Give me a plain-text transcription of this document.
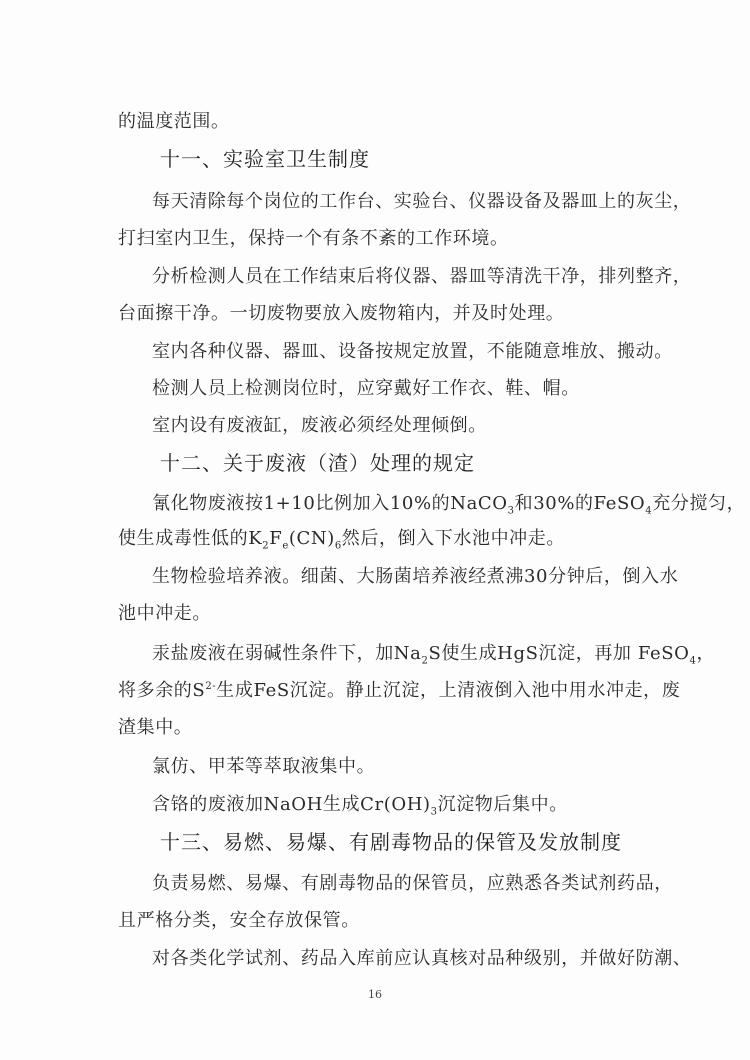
的温度范围。
十一、实验室卫生制度
每天清除每个岗位的工作台、实验台、仪器设备及器皿上的灰尘，
打扫室内卫生，保持一个有条不紊的工作环境。
分析检测人员在工作结束后将仪器、器皿等清洗干净，排列整齐，
台面擦干净。一切废物要放入废物箱内，并及时处理。
室内各种仪器、器皿、设备按规定放置，不能随意堆放、搬动。
检测人员上检测岗位时，应穿戴好工作衣、鞋、帽。
室内设有废液缸，废液必须经处理倾倒。
十二、关于废液（渣）处理的规定
氰化物废液按1+10比例加入10%的NaCO$_3$和30%的FeSO$_4$充分搅匀，
使生成毒性低的$K_2F_e(CN)_6$然后，倒入下水池中冲走。
生物检验培养液。细菌、大肠菌培养液经煮沸30分钟后，倒入水
池中冲走。
汞盐废液在弱碱性条件下，加$Na_2S$使生成HgS沉淀，再加 FeSO$_4$，
将多余的$S^{2-}$生成FeS沉淀。静止沉淀，上清液倒入池中用水冲走，废
渣集中。
氯仿、甲苯等萃取液集中。
含铬的废液加NaOH生成$Cr(OH)_3$沉淀物后集中。
十三、易燃、易爆、有剧毒物品的保管及发放制度
负责易燃、易爆、有剧毒物品的保管员，应熟悉各类试剂药品，
且严格分类，安全存放保管。
对各类化学试剂、药品入库前应认真核对品种级别，并做好防潮、
16
